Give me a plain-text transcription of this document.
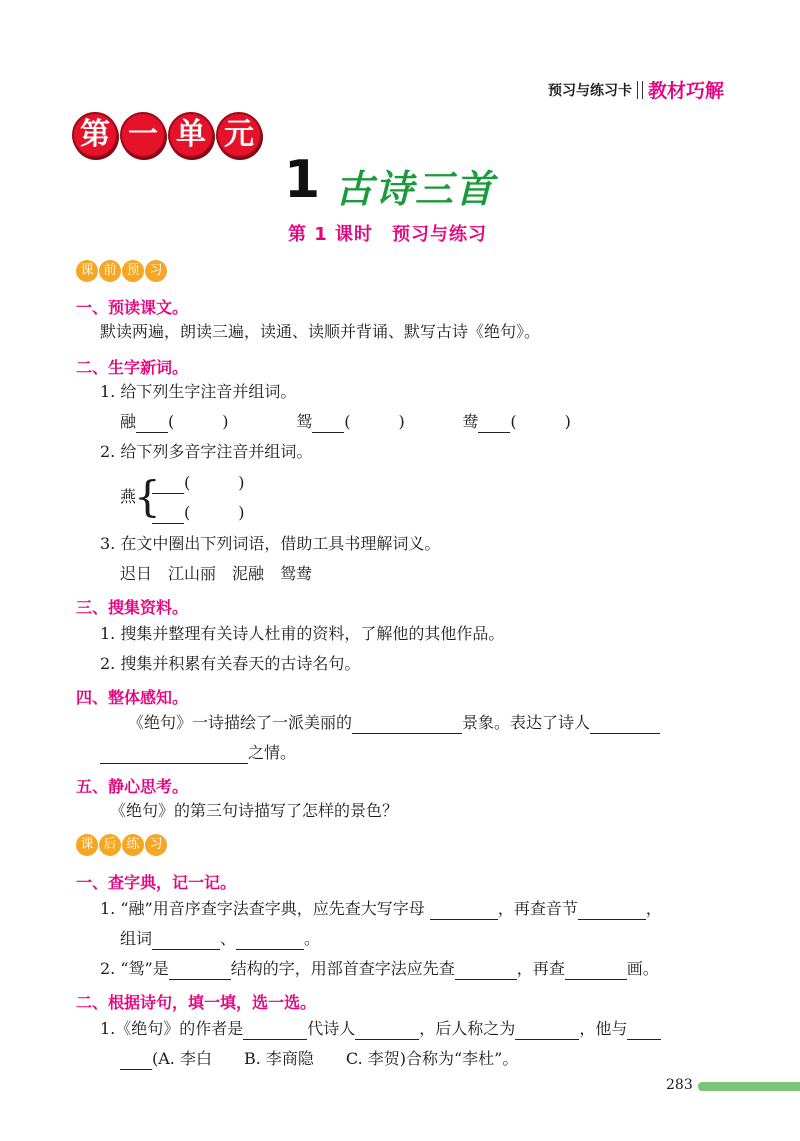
预习与练习卡 教材巧解
第 一 单 元
1 古诗三首
第 1 课时　预习与练习
课 前 预 习
一、预读课文。
默读两遍，朗读三遍，读通、读顺并背诵、默写古诗《绝句》。
二、生字新词。
1. 给下列生字注音并组词。
融 (　　　)	鸳 (　　　)	鸯 (　　　)
2. 给下列多音字注音并组词。
燕
{	(　　　)
(　　　)
3. 在文中圈出下列词语，借助工具书理解词义。
迟日　江山丽　泥融　鸳鸯
三、搜集资料。
1. 搜集并整理有关诗人杜甫的资料，了解他的其他作品。
2. 搜集并积累有关春天的古诗名句。
四、整体感知。
《绝句》一诗描绘了一派美丽的	景象。表达了诗人
之情。
五、静心思考。
《绝句》的第三句诗描写了怎样的景色？
课 后 练 习
一、查字典，记一记。
1. “融”用音序查字法查字典，应先查大写字母	，再查音节	，
组词	、	。
2. “鸳”是	结构的字，用部首查字法应先查	，再查	画。
二、根据诗句，填一填，选一选。
1.《绝句》的作者是	代诗人	，后人称之为	，他与
(A. 李白　　B. 李商隐　　C. 李贺)合称为“李杜”。
283
